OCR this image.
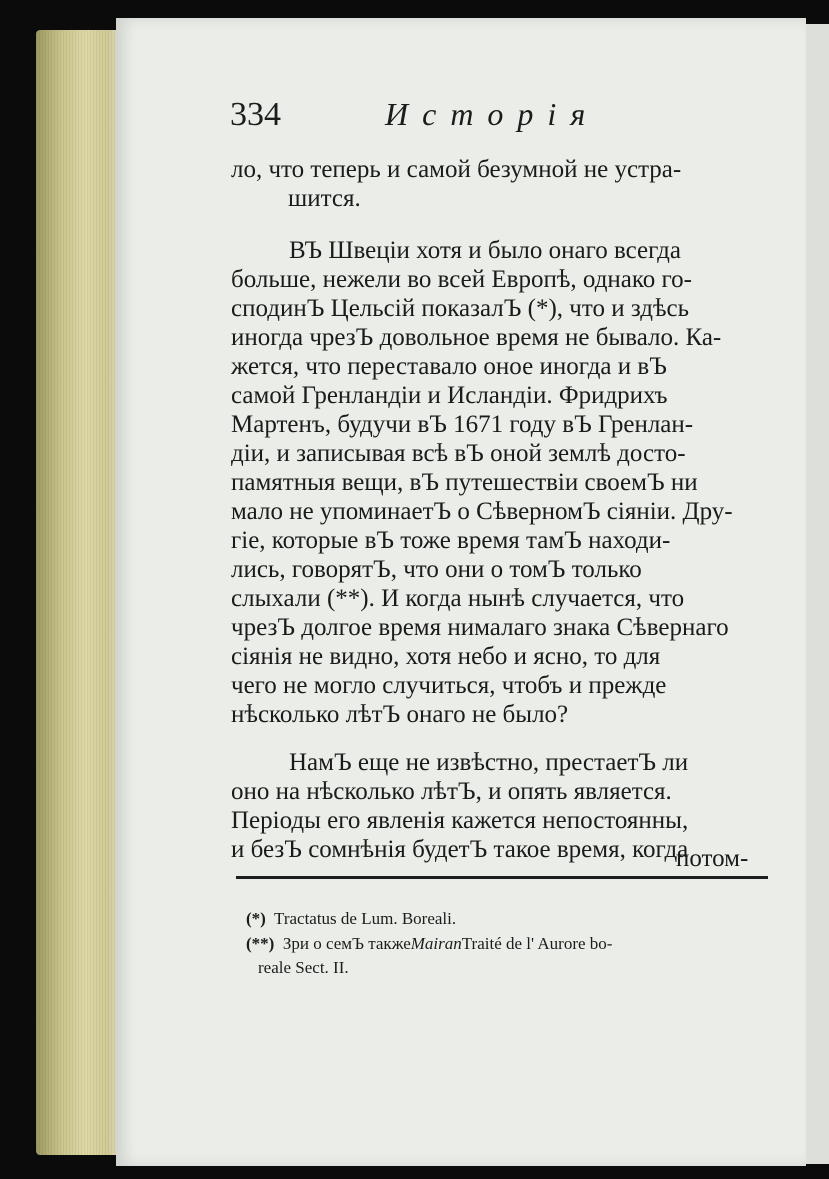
334	Исторія
ло, что теперь и самой безумной не устра-
шится.
ВЪ Швеціи хотя и было онаго всегда
больше, нежели во всей Европѣ, однако го-
сподинЪ Цельсій показалЪ (*), что и здѣсь
иногда чрезЪ довольное время не бывало. Ка-
жется, что переставало оное иногда и вЪ
самой Гренландіи и Исландіи. Фридрихъ
Мартенъ, будучи вЪ 1671 году вЪ Гренлан-
діи, и записывая всѣ вЪ оной землѣ досто-
памятныя вещи, вЪ путешествіи своемЪ ни
мало не упоминаетЪ о СѣверномЪ сіяніи. Дру-
гіе, которые вЪ тоже время тамЪ находи-
лись, говорятЪ, что они о томЪ только
слыхали (**). И когда нынѣ случается, что
чрезЪ долгое время нималаго знака Сѣвернаго
сіянія не видно, хотя небо и ясно, то для
чего не могло случиться, чтобъ и прежде
нѣсколько лѣтЪ онаго не было?
НамЪ еще не извѣстно, престаетЪ ли
оно на нѣсколько лѣтЪ, и опять является.
Періоды его явленія кажется непостоянны,
и безЪ сомнѣнія будетЪ такое время, когда
потом-
(*) Tractatus de Lum. Boreali.
(**) Зри о семЪ такжеMairanTraité de l' Aurore bo-
reale Sect. II.
